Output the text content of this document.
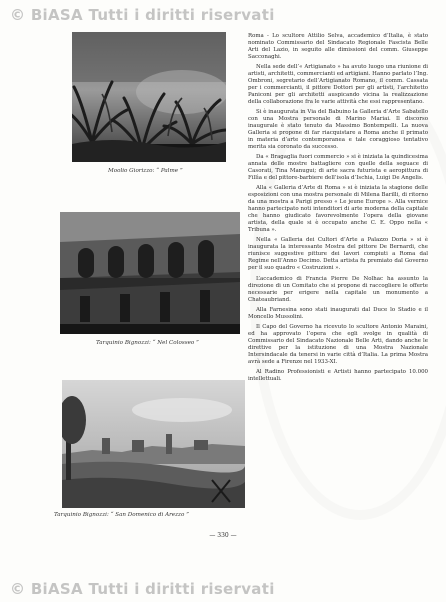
© BiASA Tutti i diritti riservati
Moolio Giorizzo: “ Palme ”
Tarquinio Bignozzi: “ Nel Colosseo ”
Tarquinio Bignozzi: “ San Domenico di Arezzo ”

Roma - Lo scultore Attilio Selva, accademico d’Italia, è stato nominato Commissario del Sindacato Regionale Fascista Belle Arti del Lazio, in seguito alle dimissioni del comm. Giuseppe Sacconaghi.

Nella sede dell’« Artigianato » ha avuto luogo una riunione di artisti, architetti, commercianti ed artigiani. Hanno parlato l’Ing. Ombroni, segretario dell’Artigianato Romano, il comm. Cassata per i commercianti, il pittore Dottori per gli artisti, l’architetto Paniconi per gli architetti auspicando vicina la realizzazione della collaborazione fra le varie attività che essi rappresentano.

Si è inaugurata in Via del Babuino la Galleria d’Arte Sabatello con una Mostra personale di Marino Mariai. Il discorso inaugurale è stato tenuto da Massimo Bontempelli. La nuova Galleria si propone di far riacquistare a Roma anche il primato in materia d’arte contemporanea e tale coraggioso tentativo merita sia coronato da successo.

Da « Bragaglia fuori commercio » si è iniziata la quindicesima annata delle mostre battagliere con quelle della seguace di Casorati, Tina Manugui; di arte sacra futurista e aeropittura di Fillìa e del pittore-barbiere dell’isola d’Ischia, Luigi De Angelis.

Alla « Galleria d’Arte di Roma » si è iniziata la stagione delle esposizioni con una mostra personale di Milena Barilli, di ritorno da una mostra a Parigi presso « Le jeune Europe ». Alla vernice hanno partecipato noti intenditori di arte moderna della capitale che hanno giudicato favorevolmente l’opera della giovane artista, della quale si è occupato anche C. E. Oppo nella « Tribuna ».

Nella « Galleria dei Cultori d’Arte a Palazzo Doria » si è inaugurata la interessante Mostra del pittore De Bernardi, che riunisce suggestive pitture dei lavori compiuti a Roma dal Regime nell’Anno Decimo. Detta artista fu premiato dal Governo per il suo quadro « Costruzioni ».

L’accademico di Francia Pierre De Nolhac ha assunto la direzione di un Comitato che si propone di raccogliere le offerte necessarie per erigere nella capitale un monumento a Chateaubriand.

Alla Farnesina sono stati inaugurati dal Duce lo Stadio e il Moncello Mussolini.

Il Capo del Governo ha ricevuto lo scultore Antonio Maraini, ed ha approvato l’opera che egli svolge in qualità di Commissario del Sindacato Nazionale Belle Arti, dando anche le direttive per la istituzione di una Mostra Nazionale Intersindacale da tenersi in varie città d’Italia. La prima Mostra avrà sede a Firenze nel 1933-XI.

Al Radino Professionisti e Artisti hanno partecipato 10.000 intellettuali.

— 330 —
© BiASA Tutti i diritti riservati
